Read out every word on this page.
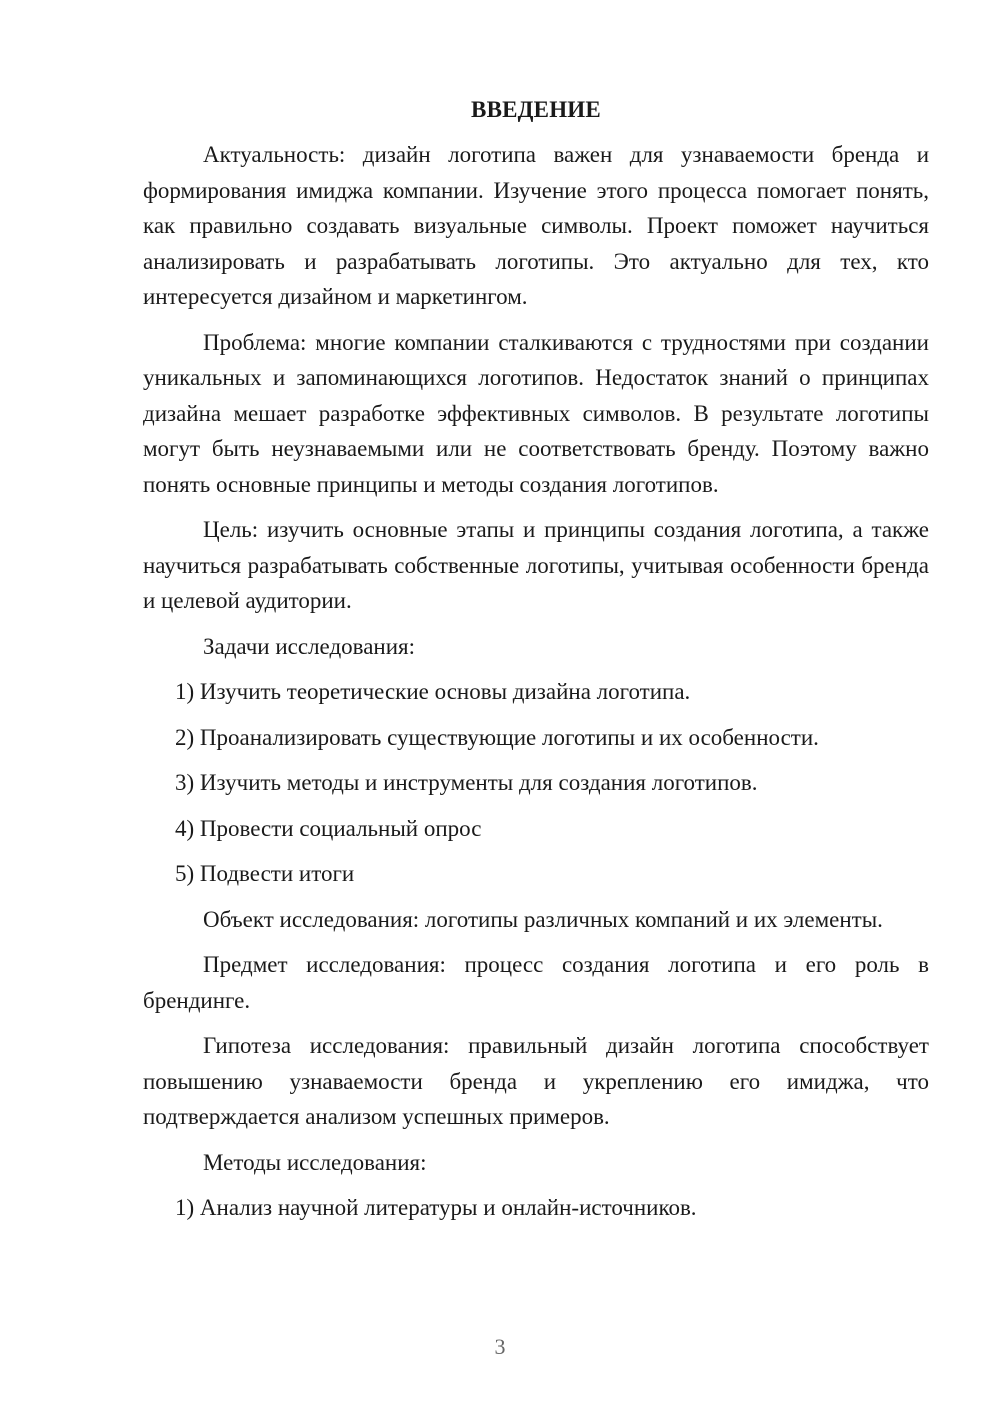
ВВЕДЕНИЕ

Актуальность: дизайн логотипа важен для узнаваемости бренда и формирования имиджа компании. Изучение этого процесса помогает понять, как правильно создавать визуальные символы. Проект поможет научиться анализировать и разрабатывать логотипы. Это актуально для тех, кто интересуется дизайном и маркетингом.

Проблема: многие компании сталкиваются с трудностями при создании уникальных и запоминающихся логотипов. Недостаток знаний о принципах дизайна мешает разработке эффективных символов. В результате логотипы могут быть неузнаваемыми или не соответствовать бренду. Поэтому важно понять основные принципы и методы создания логотипов.

Цель: изучить основные этапы и принципы создания логотипа, а также научиться разрабатывать собственные логотипы, учитывая особенности бренда и целевой аудитории.

Задачи исследования:

1) Изучить теоретические основы дизайна логотипа.
2) Проанализировать существующие логотипы и их особенности.
3) Изучить методы и инструменты для создания логотипов.
4) Провести социальный опрос
5) Подвести итоги

Объект исследования: логотипы различных компаний и их элементы.

Предмет исследования: процесс создания логотипа и его роль в брендинге.

Гипотеза исследования: правильный дизайн логотипа способствует повышению узнаваемости бренда и укреплению его имиджа, что подтверждается анализом успешных примеров.

Методы исследования:

1) Анализ научной литературы и онлайн-источников.
3
